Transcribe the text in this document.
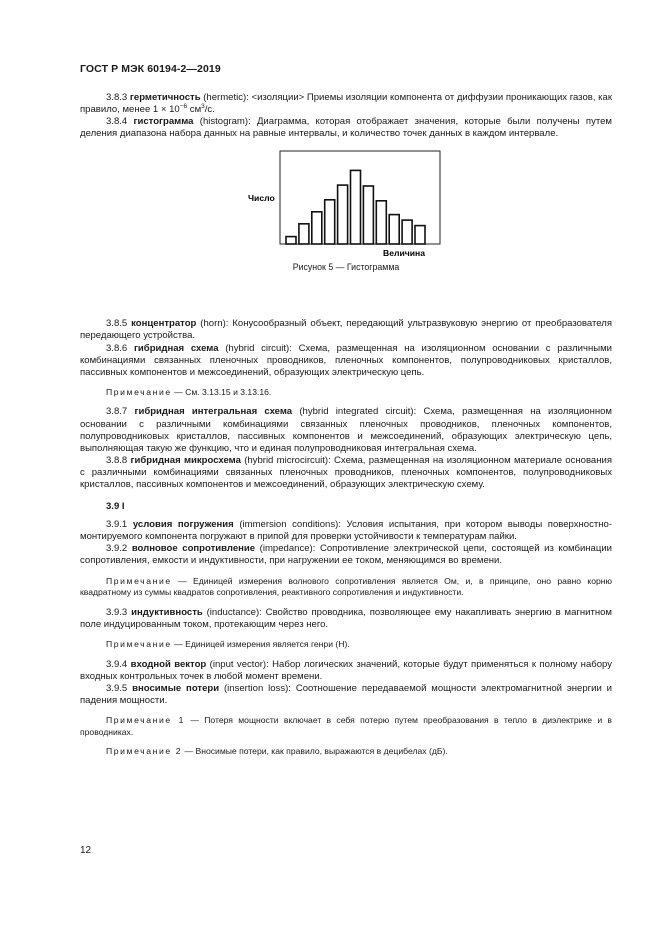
ГОСТ Р МЭК 60194-2—2019

3.8.3 герметичность (hermetic): <изоляции> Приемы изоляции компонента от диффузии проникающих газов, как правило, менее $1 \times 10^{-6}$ $см^3/с$.

3.8.4 гистограмма (histogram): Диаграмма, которая отображает значения, которые были получены путем деления диапазона набора данных на равные интервалы, и количество точек данных в каждом интервале.

Число
Величина
Рисунок 5 — Гистограмма

3.8.5 концентратор (horn): Конусообразный объект, передающий ультразвуковую энергию от преобразователя передающего устройства.

3.8.6 гибридная схема (hybrid circuit): Схема, размещенная на изоляционном основании с различными комбинациями связанных пленочных проводников, пленочных компонентов, полупроводниковых кристаллов, пассивных компонентов и межсоединений, образующих электрическую цепь.

Примечание — См. 3.13.15 и 3.13.16.

3.8.7 гибридная интегральная схема (hybrid integrated circuit): Схема, размещенная на изоляционном основании с различными комбинациями связанных пленочных проводников, пленочных компонентов, полупроводниковых кристаллов, пассивных компонентов и межсоединений, образующих электрическую цепь, выполняющая такую же функцию, что и единая полупроводниковая интегральная схема.

3.8.8 гибридная микросхема (hybrid microcircuit): Схема, размещенная на изоляционном материале основания с различными комбинациями связанных пленочных проводников, пленочных компонентов, полупроводниковых кристаллов, пассивных компонентов и межсоединений, образующих электрическую схему.

3.9 I

3.9.1 условия погружения (immersion conditions): Условия испытания, при котором выводы поверхностно-монтируемого компонента погружают в припой для проверки устойчивости к температурам пайки.

3.9.2 волновое сопротивление (impedance): Сопротивление электрической цепи, состоящей из комбинации сопротивления, емкости и индуктивности, при нагружении ее током, меняющимся во времени.

Примечание — Единицей измерения волнового сопротивления является Ом, и, в принципе, оно равно корню квадратному из суммы квадратов сопротивления, реактивного сопротивления и индуктивности.

3.9.3 индуктивность (inductance): Свойство проводника, позволяющее ему накапливать энергию в магнитном поле индуцированным током, протекающим через него.

Примечание — Единицей измерения является генри (Н).

3.9.4 входной вектор (input vector): Набор логических значений, которые будут применяться к полному набору входных контрольных точек в любой момент времени.

3.9.5 вносимые потери (insertion loss): Соотношение передаваемой мощности электромагнитной энергии и падения мощности.

Примечание 1 — Потеря мощности включает в себя потерю путем преобразования в тепло в диэлектрике и в проводниках.

Примечание 2 — Вносимые потери, как правило, выражаются в децибелах (дБ).

12
